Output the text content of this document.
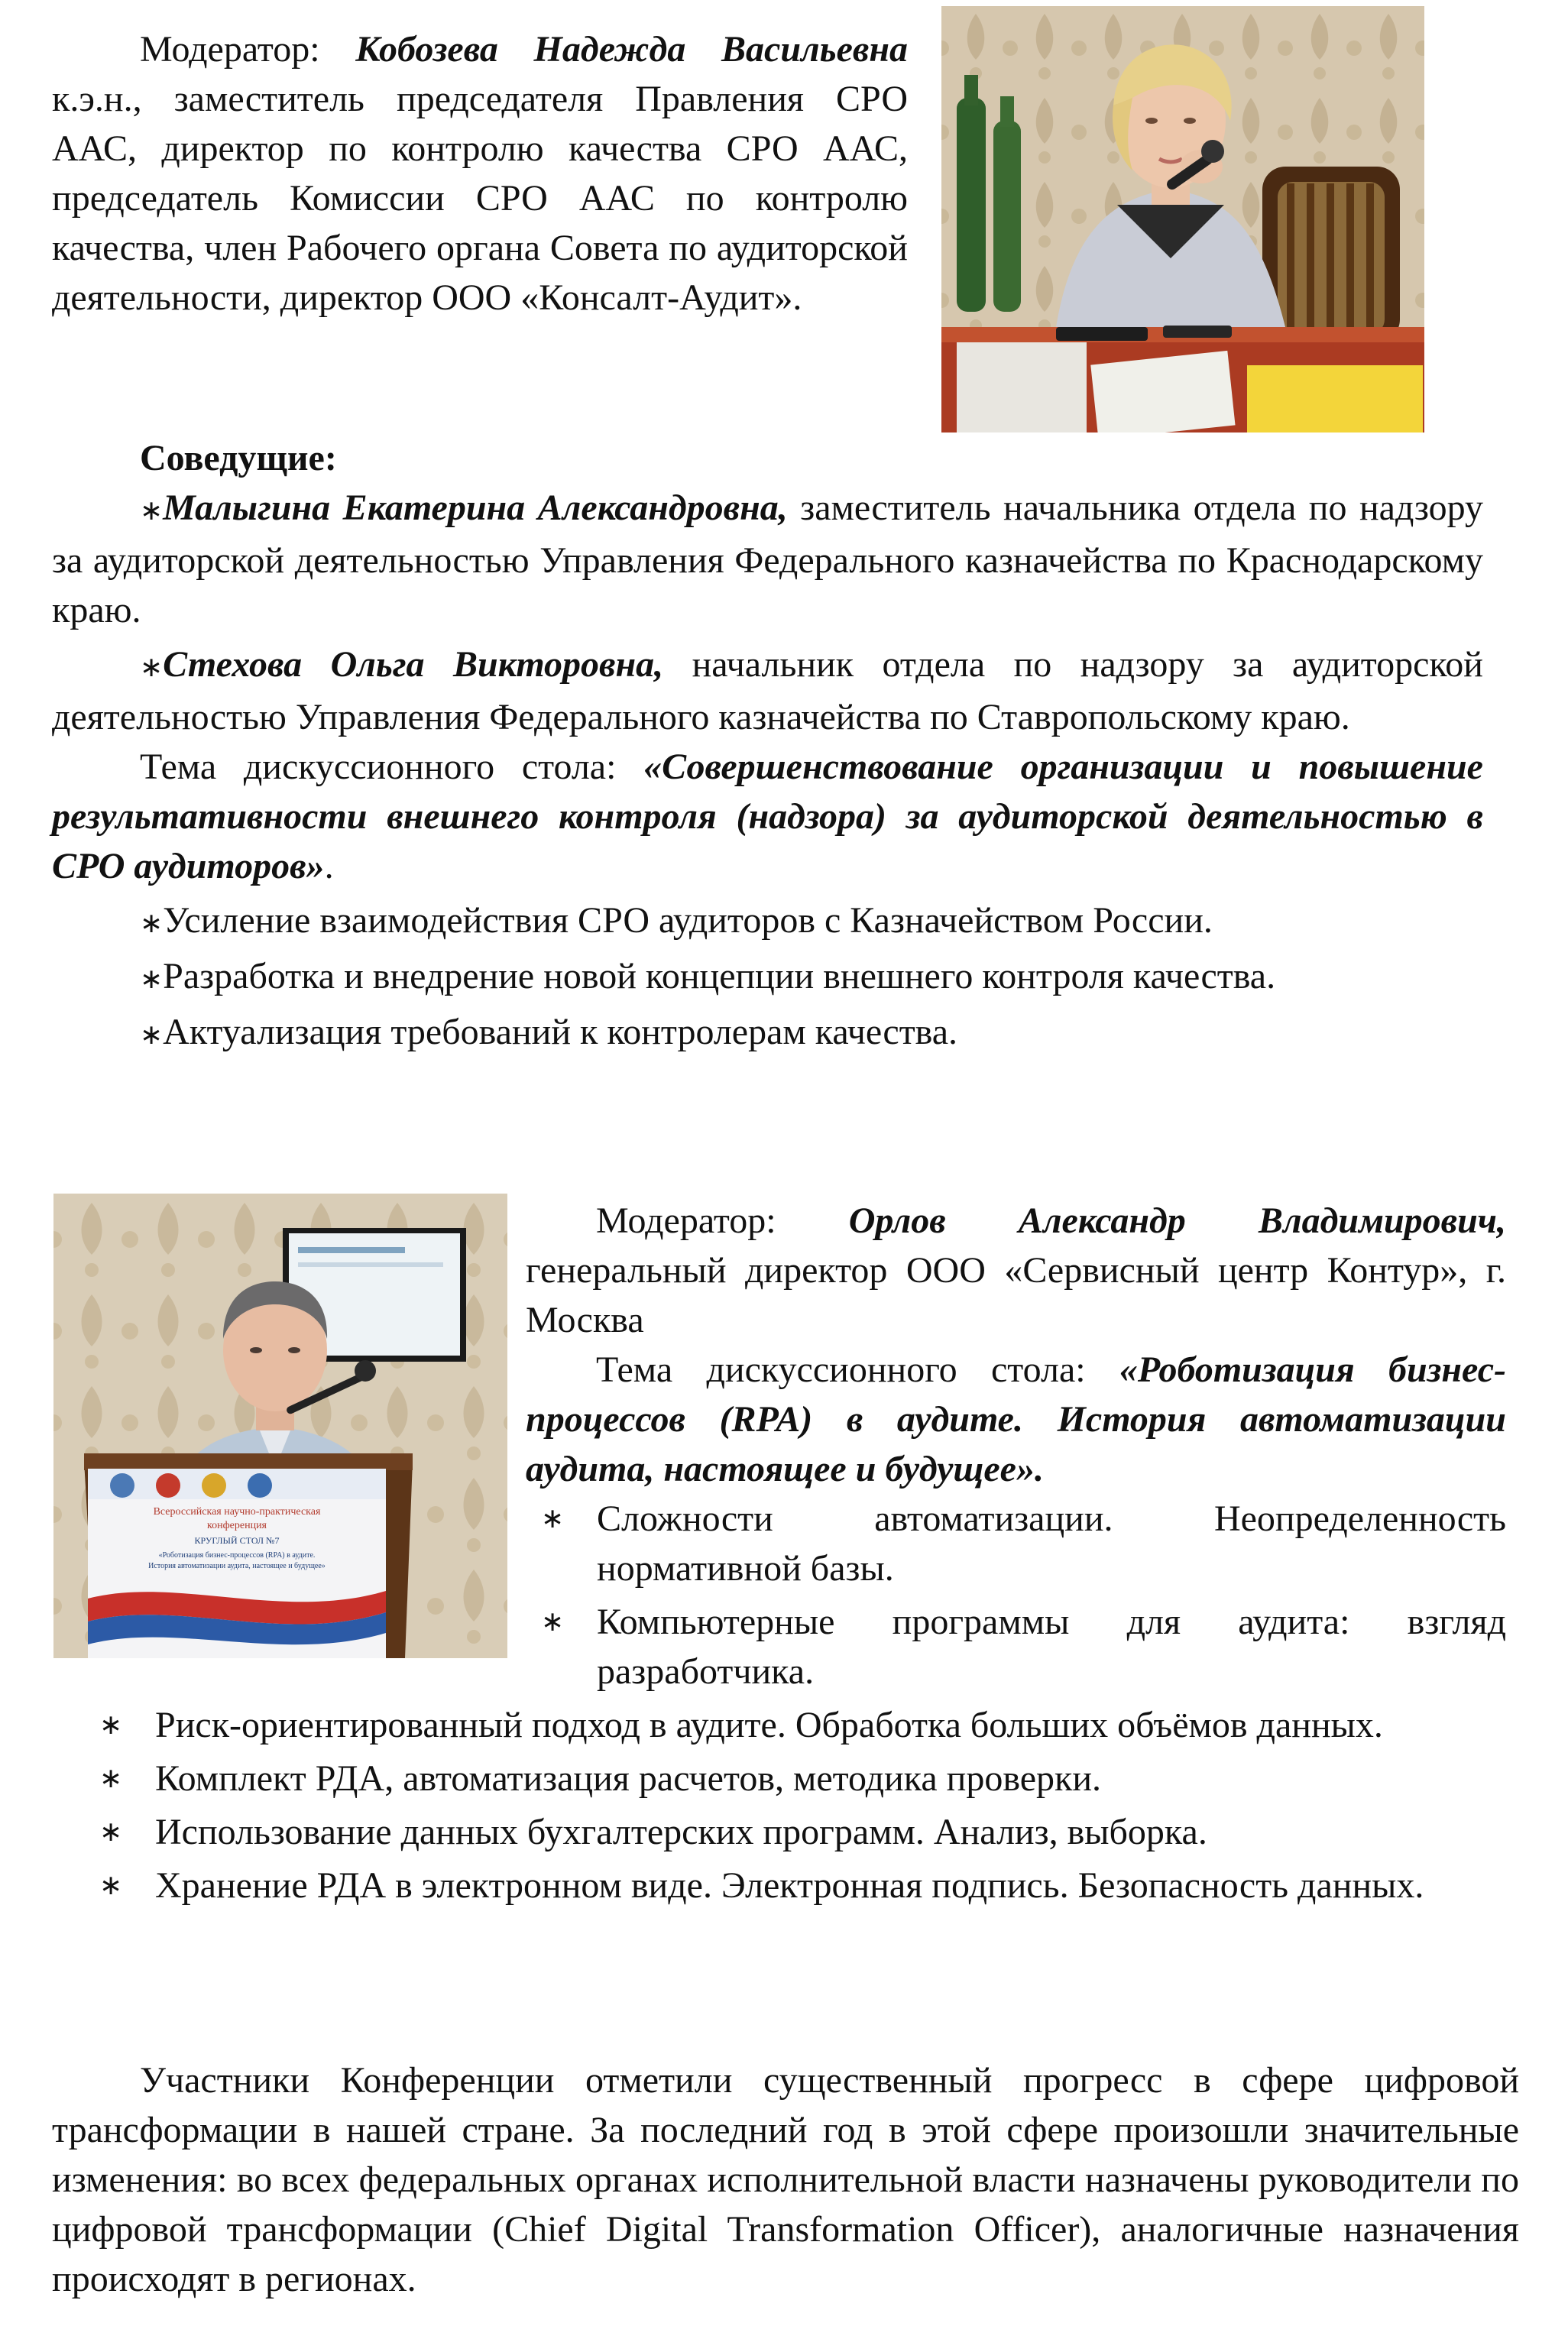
Модератор: Кобозева Надежда Васильевна к.э.н., заместитель председателя Правления СРО ААС, директор по контролю качества СРО ААС, председатель Комиссии СРО ААС по контролю качества, член Рабочего органа Совета по аудиторской деятельности, директор ООО «Консалт-Аудит».

Соведущие:

∗Малыгина Екатерина Александровна, заместитель начальника отдела по надзору за аудиторской деятельностью Управления Федерального казначейства по Краснодарскому краю.

∗Стехова Ольга Викторовна, начальник отдела по надзору за аудиторской деятельностью Управления Федерального казначейства по Ставропольскому краю.

Тема дискуссионного стола: «Совершенствование организации и повышение результативности внешнего контроля (надзора) за аудиторской деятельностью в СРО аудиторов».

∗Усиление взаимодействия СРО аудиторов с Казначейством России.

∗Разработка и внедрение новой концепции внешнего контроля качества.

∗Актуализация требований к контролерам качества.

Всероссийская научно-практическая
конференция
КРУГЛЫЙ СТОЛ №7
«Роботизация бизнес-процессов (RPA) в аудите.
История автоматизации аудита, настоящее и будущее»

Модератор: Орлов Александр Владимирович, генеральный директор ООО «Сервисный центр Контур», г. Москва

Тема дискуссионного стола: «Роботизация бизнес-процессов (RPA) в аудите. История автоматизации аудита, настоящее и будущее».

∗ Сложности автоматизации. Неопределенность нормативной базы.
∗ Компьютерные программы для аудита: взгляд разработчика.
∗ Риск-ориентированный подход в аудите. Обработка больших объёмов данных.
∗ Комплект РДА, автоматизация расчетов, методика проверки.
∗ Использование данных бухгалтерских программ. Анализ, выборка.
∗ Хранение РДА в электронном виде. Электронная подпись. Безопасность данных.

Участники Конференции отметили существенный прогресс в сфере цифровой трансформации в нашей стране. За последний год в этой сфере произошли значительные изменения: во всех федеральных органах исполнительной власти назначены руководители по цифровой трансформации (Chief Digital Transformation Officer), аналогичные назначения происходят в регионах.
